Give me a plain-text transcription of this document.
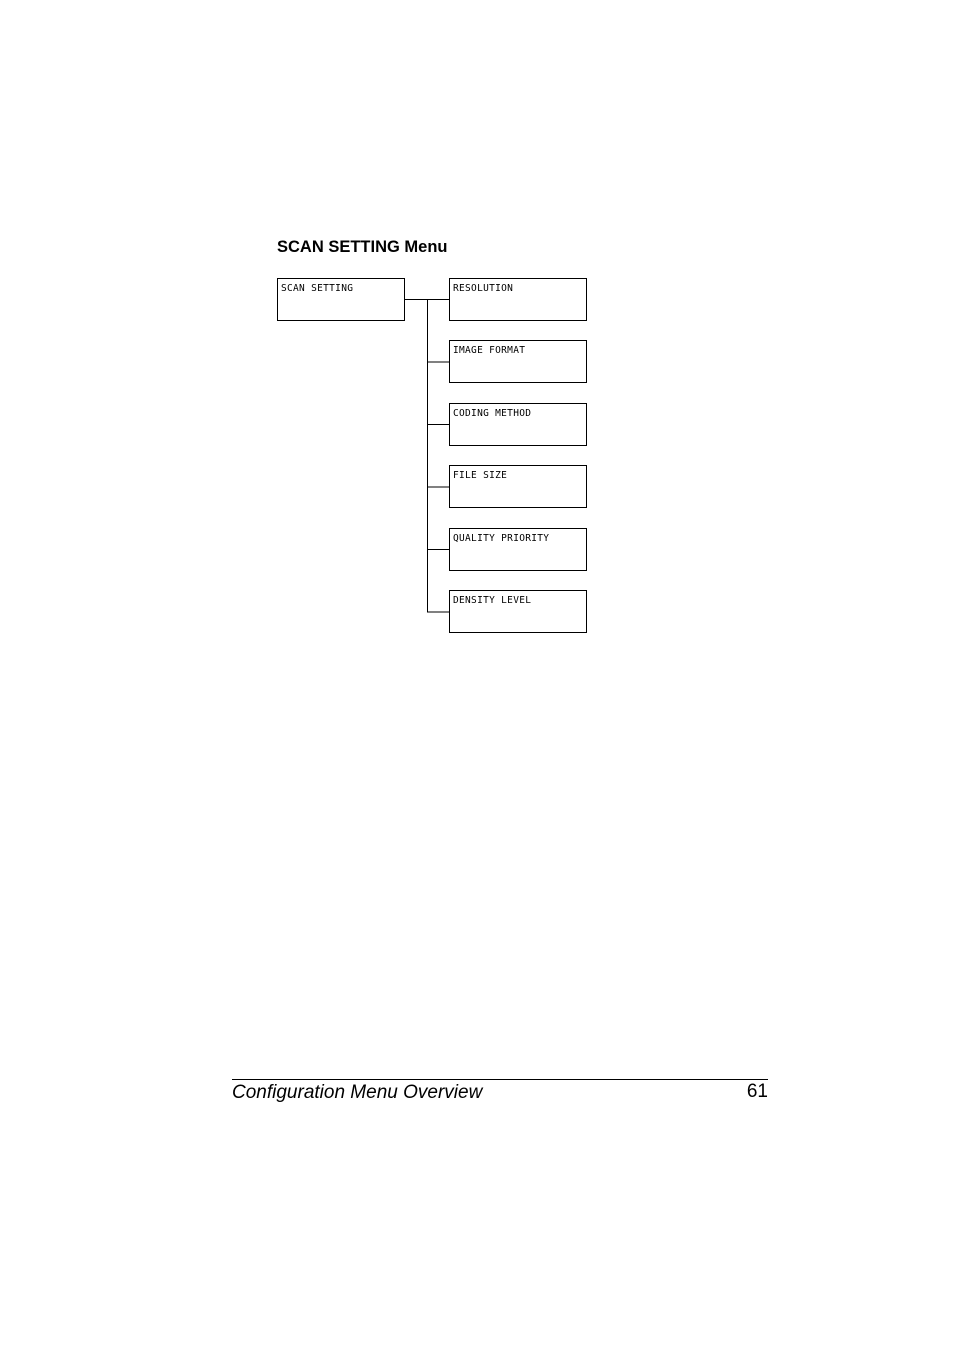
SCAN SETTING Menu
SCAN SETTING	RESOLUTION
IMAGE FORMAT
CODING METHOD
FILE SIZE
QUALITY PRIORITY
DENSITY LEVEL
Configuration Menu Overview	61
